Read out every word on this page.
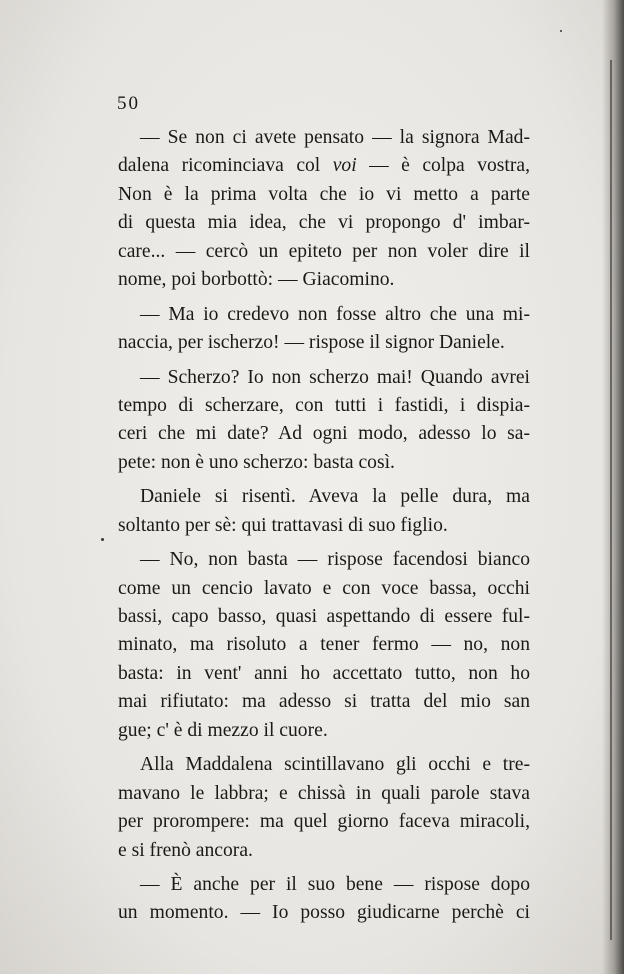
50
— Se non ci avete pensato — la signora Mad-
dalena ricominciava col voi — è colpa vostra,
Non è la prima volta che io vi metto a parte
di questa mia idea, che vi propongo d' imbar-
care... — cercò un epiteto per non voler dire il
nome, poi borbottò: — Giacomino.
— Ma io credevo non fosse altro che una mi-
naccia, per ischerzo! — rispose il signor Daniele.
— Scherzo? Io non scherzo mai! Quando avrei
tempo di scherzare, con tutti i fastidi, i dispia-
ceri che mi date? Ad ogni modo, adesso lo sa-
pete: non è uno scherzo: basta così.
Daniele si risentì. Aveva la pelle dura, ma
soltanto per sè: qui trattavasi di suo figlio.
— No, non basta — rispose facendosi bianco
come un cencio lavato e con voce bassa, occhi
bassi, capo basso, quasi aspettando di essere ful-
minato, ma risoluto a tener fermo — no, non
basta: in vent' anni ho accettato tutto, non ho
mai rifiutato: ma adesso si tratta del mio san
gue; c' è di mezzo il cuore.
Alla Maddalena scintillavano gli occhi e tre-
mavano le labbra; e chissà in quali parole stava
per prorompere: ma quel giorno faceva miracoli,
e si frenò ancora.
— È anche per il suo bene — rispose dopo
un momento. — Io posso giudicarne perchè ci
